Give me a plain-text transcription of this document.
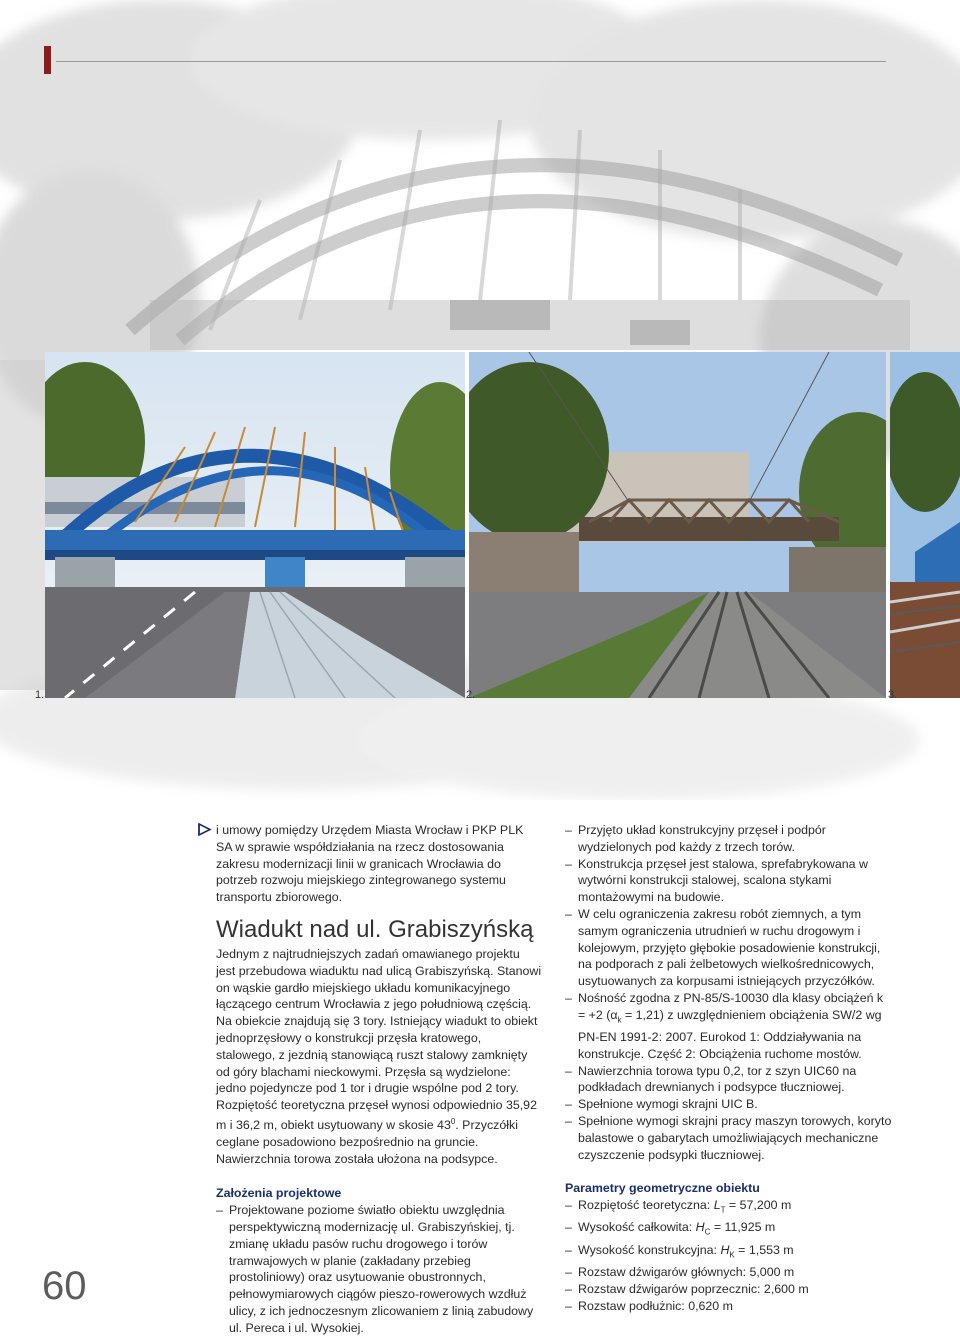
1.	2.	3.

i umowy pomiędzy Urzędem Miasta Wrocław i PKP PLK SA w sprawie współdziałania na rzecz dostosowania zakresu modernizacji linii w granicach Wrocławia do potrzeb rozwoju miejskiego zintegrowanego systemu transportu zbiorowego.

Wiadukt nad ul. Grabiszyńską

Jednym z najtrudniejszych zadań omawianego projektu jest przebudowa wiaduktu nad ulicą Grabiszyńską. Stanowi on wąskie gardło miejskiego układu komunikacyjnego łączącego centrum Wrocławia z jego południową częścią. Na obiekcie znajdują się 3 tory. Istniejący wiadukt to obiekt jednoprzęsłowy o konstrukcji przęsła kratowego, stalowego, z jezdnią stanowiącą ruszt stalowy zamknięty od góry blachami nieckowymi. Przęsła są wydzielone: jedno pojedyncze pod 1 tor i drugie wspólne pod 2 tory. Rozpiętość teoretyczna przęseł wynosi odpowiednio 35,92 m i 36,2 m, obiekt usytuowany w skosie $43^0$. Przyczółki ceglane posadowiono bezpośrednio na gruncie. Nawierzchnia torowa została ułożona na podsypce.

Założenia projektowe
– Projektowane poziome światło obiektu uwzględnia perspektywiczną modernizację ul. Grabiszyńskiej, tj. zmianę układu pasów ruchu drogowego i torów tramwajowych w planie (zakładany przebieg prostoliniowy) oraz usytuowanie obustronnych, pełnowymiarowych ciągów pieszo-rowerowych wzdłuż ulicy, z ich jednoczesnym zlicowaniem z linią zabudowy ul. Pereca i ul. Wysokiej.
– Przyjęto układ konstrukcyjny przęseł i podpór wydzielonych pod każdy z trzech torów.
– Konstrukcja przęseł jest stalowa, sprefabrykowana w wytwórni konstrukcji stalowej, scalona stykami montażowymi na budowie.
– W celu ograniczenia zakresu robót ziemnych, a tym samym ograniczenia utrudnień w ruchu drogowym i kolejowym, przyjęto głębokie posadowienie konstrukcji, na podporach z pali żelbetowych wielkośrednicowych, usytuowanych za korpusami istniejących przyczółków.
– Nośność zgodna z PN-85/S-10030 dla klasy obciążeń k = +2 $(\alpha_k = 1,21)$ z uwzględnieniem obciążenia SW/2 wg PN-EN 1991-2: 2007. Eurokod 1: Oddziaływania na konstrukcje. Część 2: Obciążenia ruchome mostów.
– Nawierzchnia torowa typu 0,2, tor z szyn UIC60 na podkładach drewnianych i podsypce tłuczniowej.
– Spełnione wymogi skrajni UIC B.
– Spełnione wymogi skrajni pracy maszyn torowych, koryto balastowe o gabarytach umożliwiających mechaniczne czyszczenie podsypki tłuczniowej.
Parametry geometryczne obiektu
– Rozpiętość teoretyczna: $L_T = 57,200$ m
– Wysokość całkowita: $H_C = 11,925$ m
– Wysokość konstrukcyjna: $H_K = 1,553$ m
– Rozstaw dźwigarów głównych: 5,000 m
– Rozstaw dźwigarów poprzecznic: 2,600 m
– Rozstaw podłużnic: 0,620 m
60
